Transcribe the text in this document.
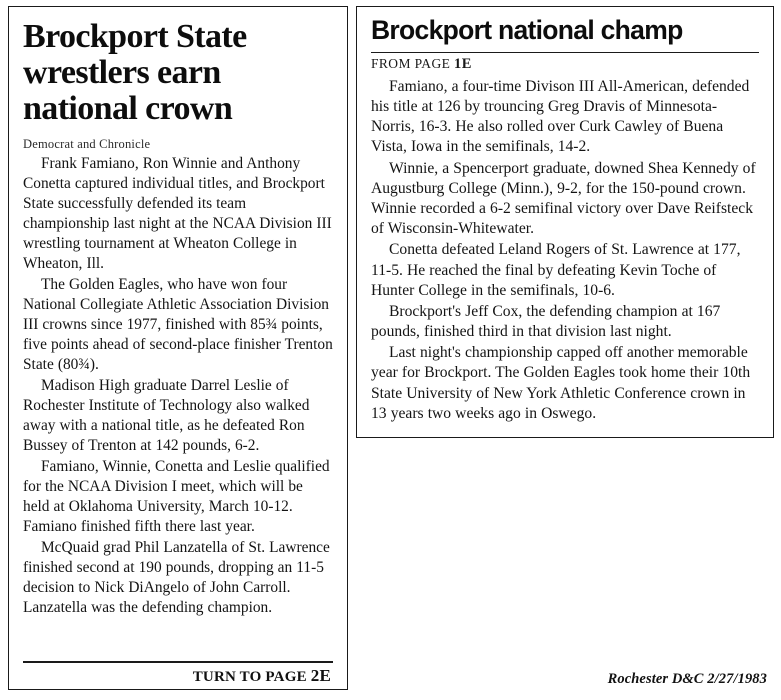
Brockport State
wrestlers earn
national crown
Democrat and Chronicle

Frank Famiano, Ron Winnie and Anthony Conetta captured individual titles, and Brockport State successfully defended its team championship last night at the NCAA Division III wrestling tournament at Wheaton College in Wheaton, Ill.

The Golden Eagles, who have won four National Collegiate Athletic Association Division III crowns since 1977, finished with 85¾ points, five points ahead of second-place finisher Trenton State (80¾).

Madison High graduate Darrel Leslie of Rochester Institute of Technology also walked away with a national title, as he defeated Ron Bussey of Trenton at 142 pounds, 6-2.

Famiano, Winnie, Conetta and Leslie qualified for the NCAA Division I meet, which will be held at Oklahoma University, March 10-12. Famiano finished fifth there last year.

McQuaid grad Phil Lanzatella of St. Lawrence finished second at 190 pounds, dropping an 11-5 decision to Nick DiAngelo of John Carroll. Lanzatella was the defending champion.

TURN TO PAGE 2E
Brockport national champ
FROM PAGE 1E

Famiano, a four-time Divison III All-American, defended his title at 126 by trouncing Greg Dravis of Minnesota-Norris, 16-3. He also rolled over Curk Cawley of Buena Vista, Iowa in the semifinals, 14-2.

Winnie, a Spencerport graduate, downed Shea Kennedy of Augustburg College (Minn.), 9-2, for the 150-pound crown. Winnie recorded a 6-2 semifinal victory over Dave Reifsteck of Wisconsin-Whitewater.

Conetta defeated Leland Rogers of St. Lawrence at 177, 11-5. He reached the final by defeating Kevin Toche of Hunter College in the semifinals, 10-6.

Brockport's Jeff Cox, the defending champion at 167 pounds, finished third in that division last night.

Last night's championship capped off another memorable year for Brockport. The Golden Eagles took home their 10th State University of New York Athletic Conference crown in 13 years two weeks ago in Oswego.

Rochester D&C 2/27/1983
